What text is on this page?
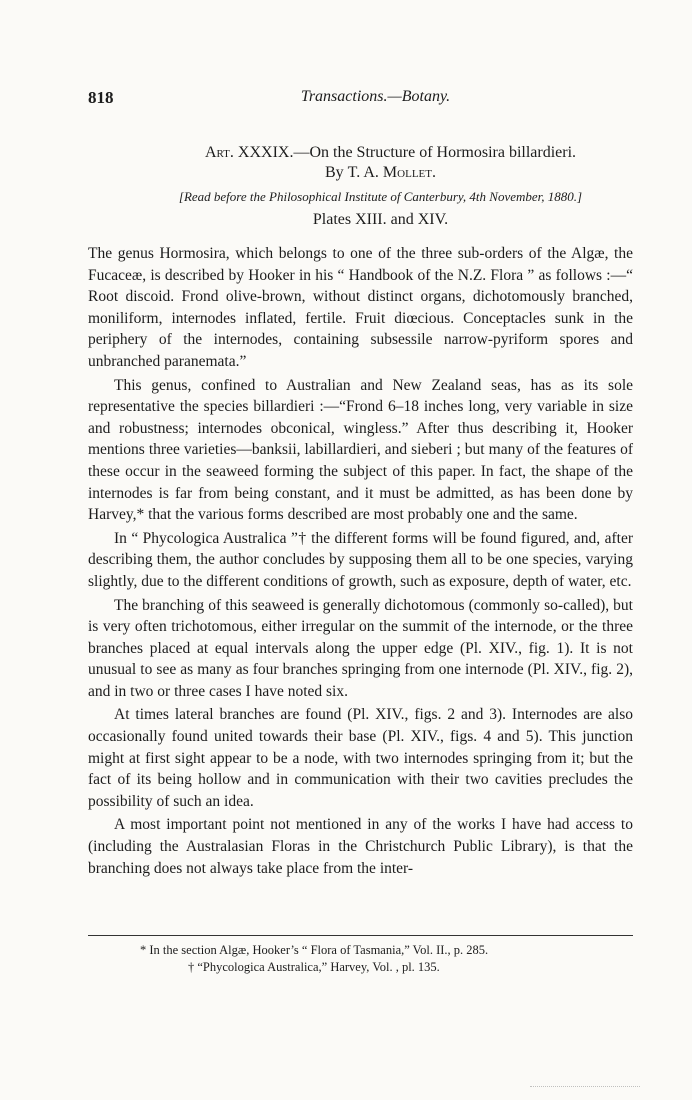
818	Transactions.—Botany.
Art. XXXIX.—On the Structure of Hormosira billardieri.
By T. A. Mollet.
[Read before the Philosophical Institute of Canterbury, 4th November, 1880.]
Plates XIII. and XIV.

The genus Hormosira, which belongs to one of the three sub-orders of the Algæ, the Fucaceæ, is described by Hooker in his “ Handbook of the N.Z. Flora ” as follows :—“ Root discoid. Frond olive-brown, without distinct organs, dichotomously branched, moniliform, internodes inflated, fertile. Fruit diœcious. Conceptacles sunk in the periphery of the internodes, containing subsessile narrow-pyriform spores and unbranched paranemata.”

This genus, confined to Australian and New Zealand seas, has as its sole representative the species billardieri :—“Frond 6–18 inches long, very variable in size and robustness; internodes obconical, wingless.” After thus describing it, Hooker mentions three varieties—banksii, labillardieri, and sieberi ; but many of the features of these occur in the seaweed forming the subject of this paper. In fact, the shape of the internodes is far from being constant, and it must be admitted, as has been done by Harvey,* that the various forms described are most probably one and the same.

In “ Phycologica Australica ”† the different forms will be found figured, and, after describing them, the author concludes by supposing them all to be one species, varying slightly, due to the different conditions of growth, such as exposure, depth of water, etc.

The branching of this seaweed is generally dichotomous (commonly so-called), but is very often trichotomous, either irregular on the summit of the internode, or the three branches placed at equal intervals along the upper edge (Pl. XIV., fig. 1). It is not unusual to see as many as four branches springing from one internode (Pl. XIV., fig. 2), and in two or three cases I have noted six.

At times lateral branches are found (Pl. XIV., figs. 2 and 3). Internodes are also occasionally found united towards their base (Pl. XIV., figs. 4 and 5). This junction might at first sight appear to be a node, with two internodes springing from it; but the fact of its being hollow and in communication with their two cavities precludes the possibility of such an idea.

A most important point not mentioned in any of the works I have had access to (including the Australasian Floras in the Christchurch Public Library), is that the branching does not always take place from the inter-

* In the section Algæ, Hooker’s “ Flora of Tasmania,” Vol. II., p. 285.
† “Phycologica Australica,” Harvey, Vol. , pl. 135.
